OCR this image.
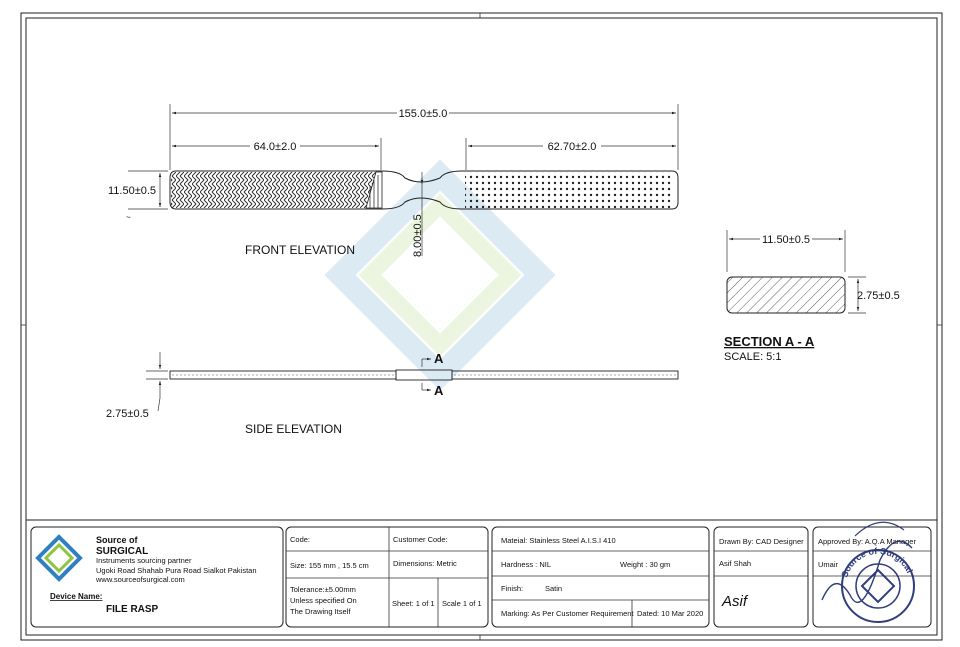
155.0±5.0
64.0±2.0	62.70±2.0
11.50±0.5
~	8.00±0.5
FRONT ELEVATION
2.75±0.5
A
A
SIDE ELEVATION
11.50±0.5
2.75±0.5
SECTION A - A
SCALE: 5:1
Source of
SURGICAL
Instruments sourcing partner
Ugoki Road Shahab Pura Road Sialkot Pakistan
www.sourceofsurgical.com
Device Name:
FILE RASP
Code:	Customer Code:
Size: 155 mm , 15.5 cm	Dimensions: Metric
Tolerance:±5.00mm
Unless specified On
The Drawing Itself
Sheet: 1 of 1 Scale 1 of 1
Mateial: Stainless Steel A.I.S.I 410
Hardness : NIL	Weight : 30 gm
Finish:	Satin
Marking: As Per Customer Requirement Dated: 10 Mar 2020
Drawn By: CAD Designer
Asif Shah
Asif
Approved By: A.Q.A Manager
Umair
Source of Surgical
